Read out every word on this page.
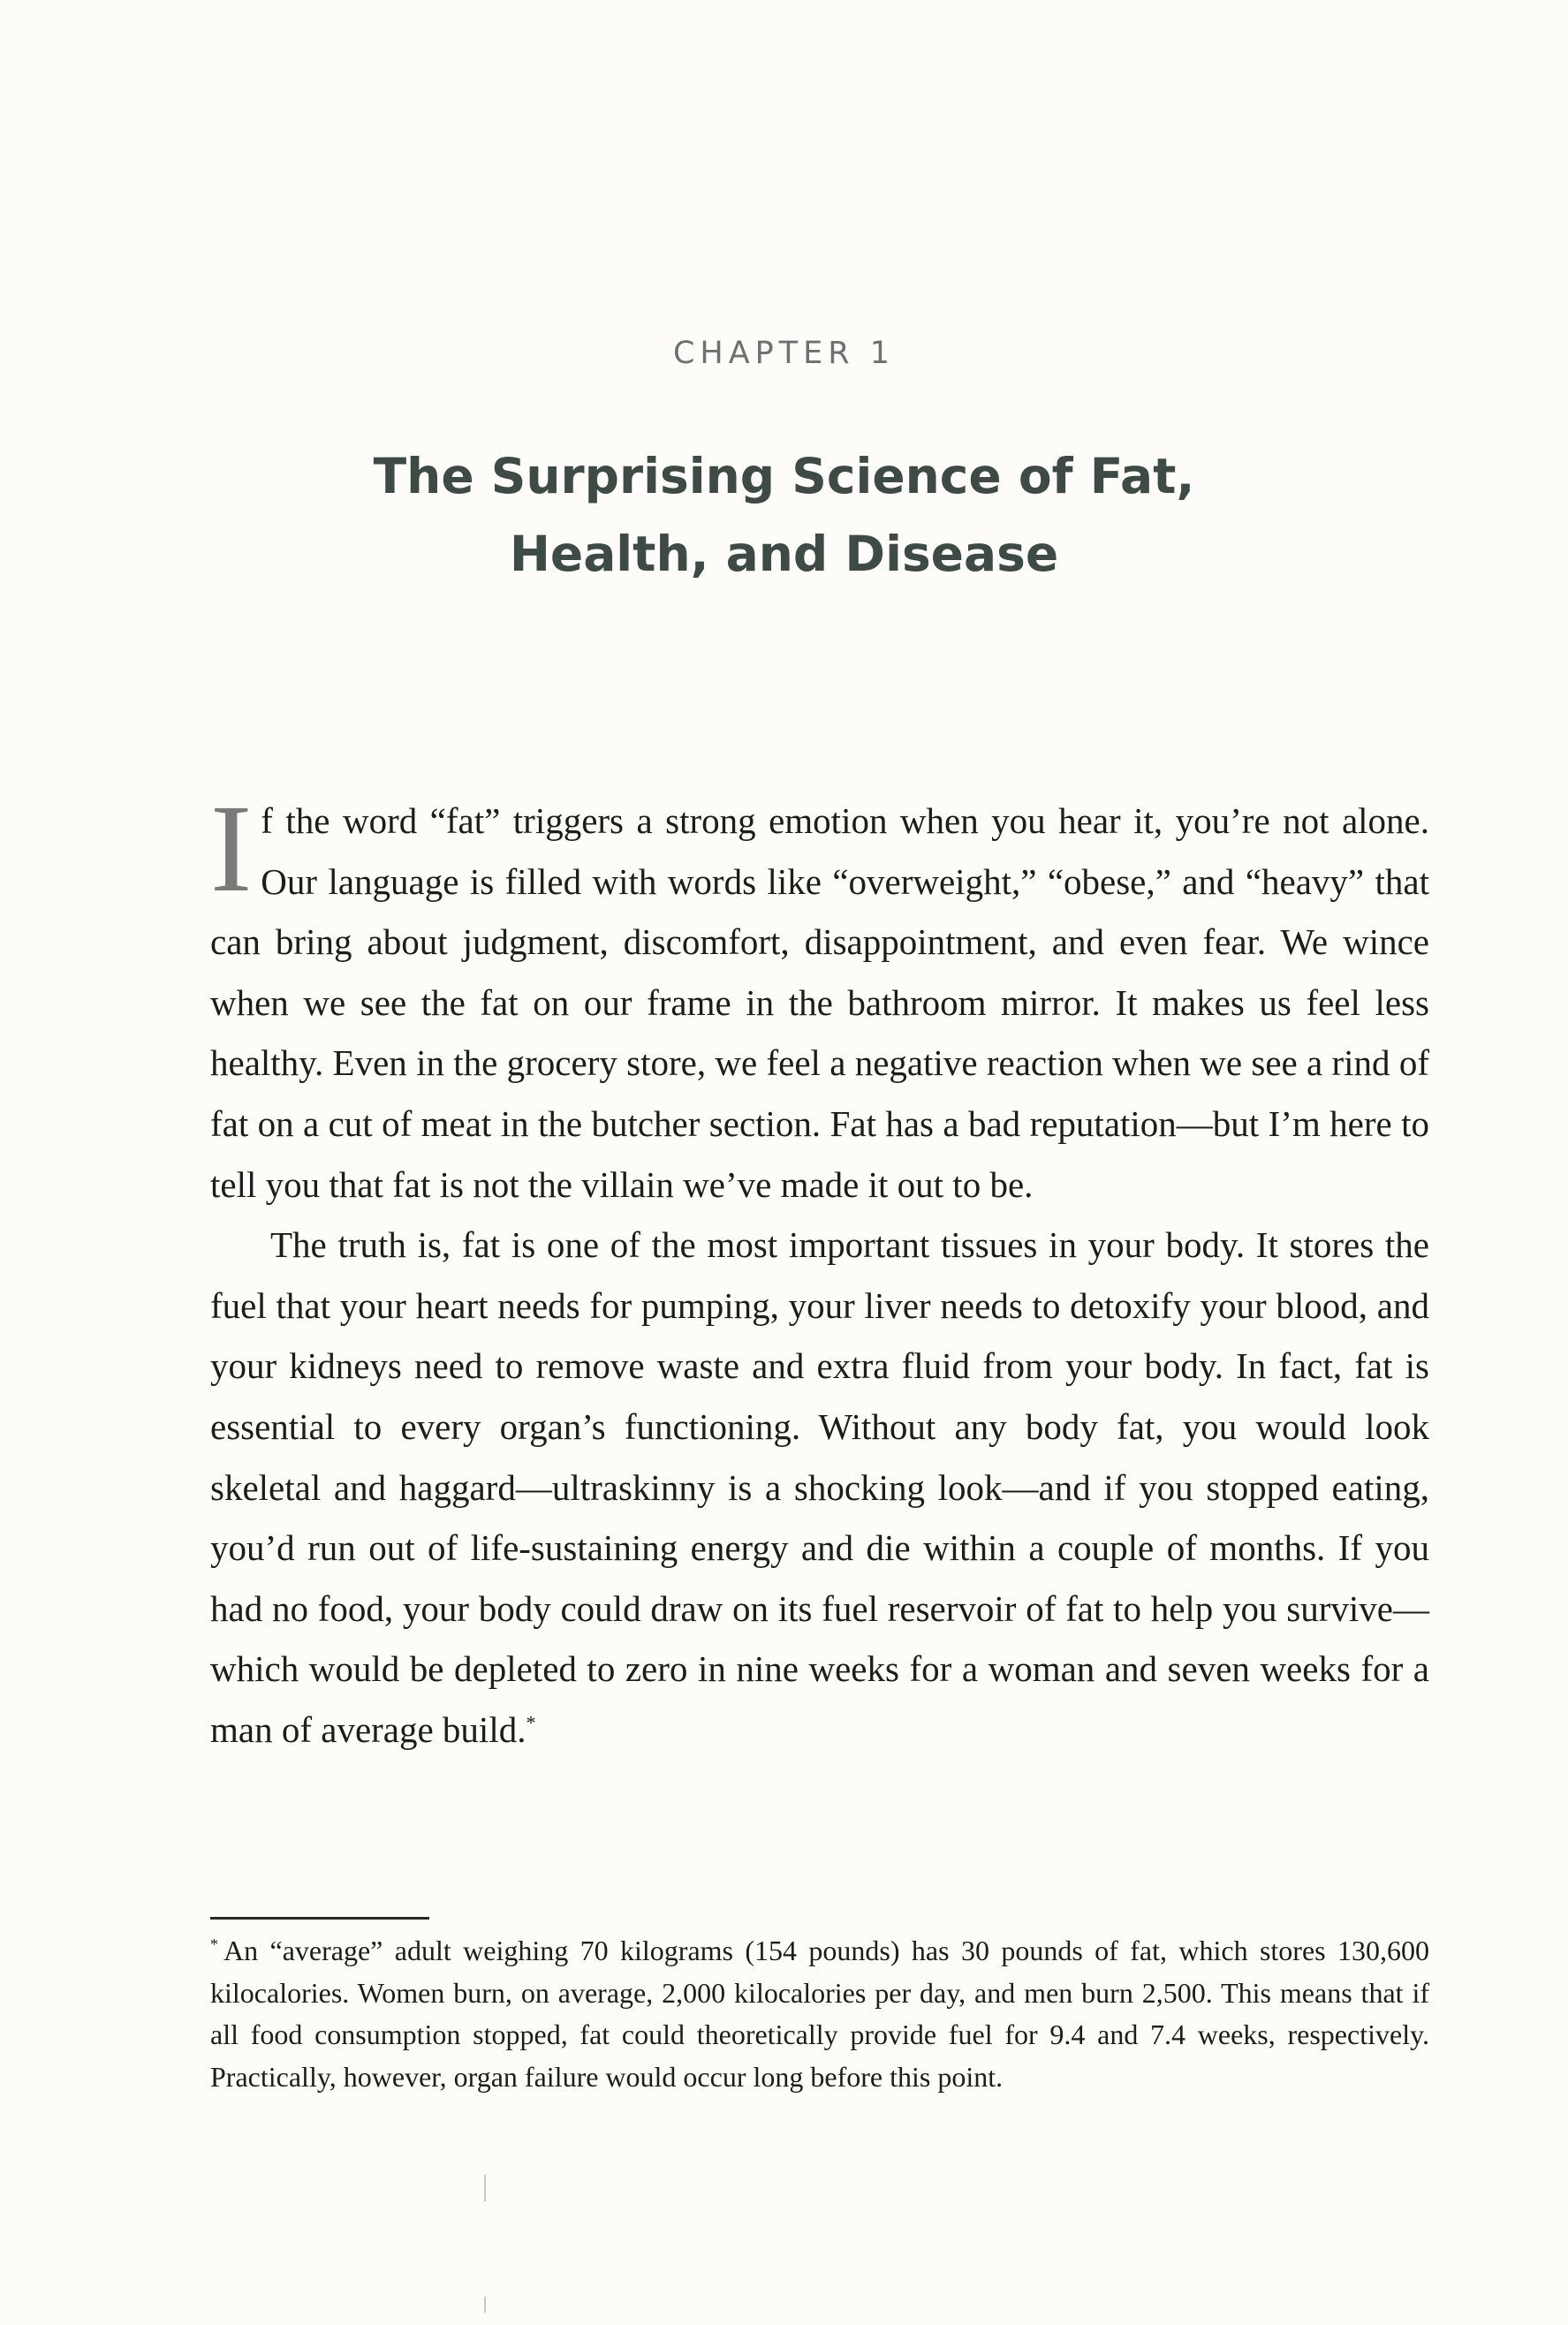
CHAPTER 1

The Surprising Science of Fat,
Health, and Disease

If the word “fat” triggers a strong emotion when you hear it, you’re not alone. Our language is filled with words like “overweight,” “obese,” and “heavy” that can bring about judgment, discomfort, disappointment, and even fear. We wince when we see the fat on our frame in the bathroom mirror. It makes us feel less healthy. Even in the grocery store, we feel a negative reaction when we see a rind of fat on a cut of meat in the butcher section. Fat has a bad reputation—but I’m here to tell you that fat is not the villain we’ve made it out to be.

The truth is, fat is one of the most important tissues in your body. It stores the fuel that your heart needs for pumping, your liver needs to detoxify your blood, and your kidneys need to remove waste and extra fluid from your body. In fact, fat is essential to every organ’s functioning. Without any body fat, you would look skeletal and haggard—ultraskinny is a shocking look—and if you stopped eating, you’d run out of life-sustaining energy and die within a couple of months. If you had no food, your body could draw on its fuel reservoir of fat to help you survive—which would be depleted to zero in nine weeks for a woman and seven weeks for a man of average build.*

* An “average” adult weighing 70 kilograms (154 pounds) has 30 pounds of fat, which stores 130,600 kilocalories. Women burn, on average, 2,000 kilocalories per day, and men burn 2,500. This means that if all food consumption stopped, fat could theoretically provide fuel for 9.4 and 7.4 weeks, respectively. Practically, however, organ failure would occur long before this point.
